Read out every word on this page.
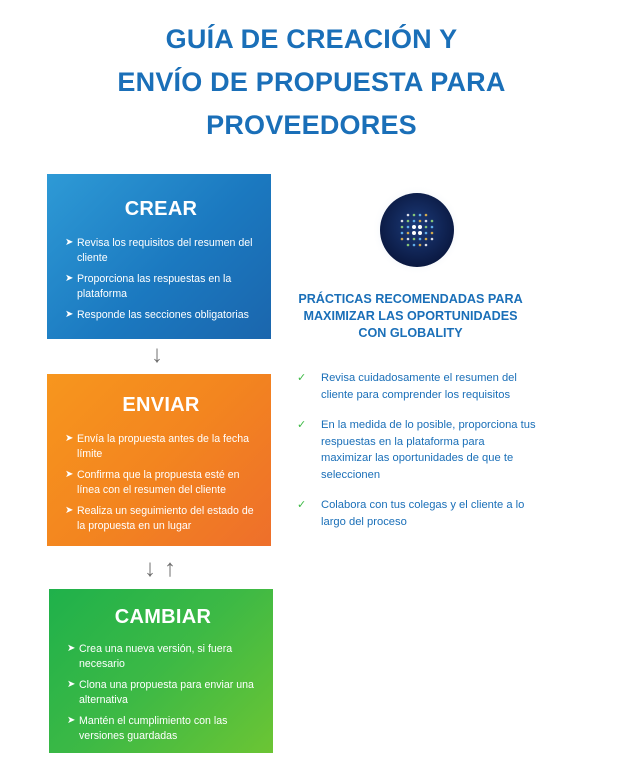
GUÍA DE CREACIÓN Y
ENVÍO DE PROPUESTA PARA
PROVEEDORES
CREAR
➤ Revisa los requisitos del resumen del cliente
➤ Proporciona las respuestas en la plataforma
➤ Responde las secciones obligatorias
↓
ENVIAR
➤ Envía la propuesta antes de la fecha límite
➤ Confirma que la propuesta esté en línea con el resumen del cliente
➤ Realiza un seguimiento del estado de la propuesta en un lugar
↓ ↑
CAMBIAR
➤ Crea una nueva versión, si fuera necesario
➤ Clona una propuesta para enviar una alternativa
➤ Mantén el cumplimiento con las versiones guardadas
PRÁCTICAS RECOMENDADAS PARA MAXIMIZAR LAS OPORTUNIDADES CON GLOBALITY
✓ Revisa cuidadosamente el resumen del cliente para comprender los requisitos
✓ En la medida de lo posible, proporciona tus respuestas en la plataforma para maximizar las oportunidades de que te seleccionen
✓ Colabora con tus colegas y el cliente a lo largo del proceso
